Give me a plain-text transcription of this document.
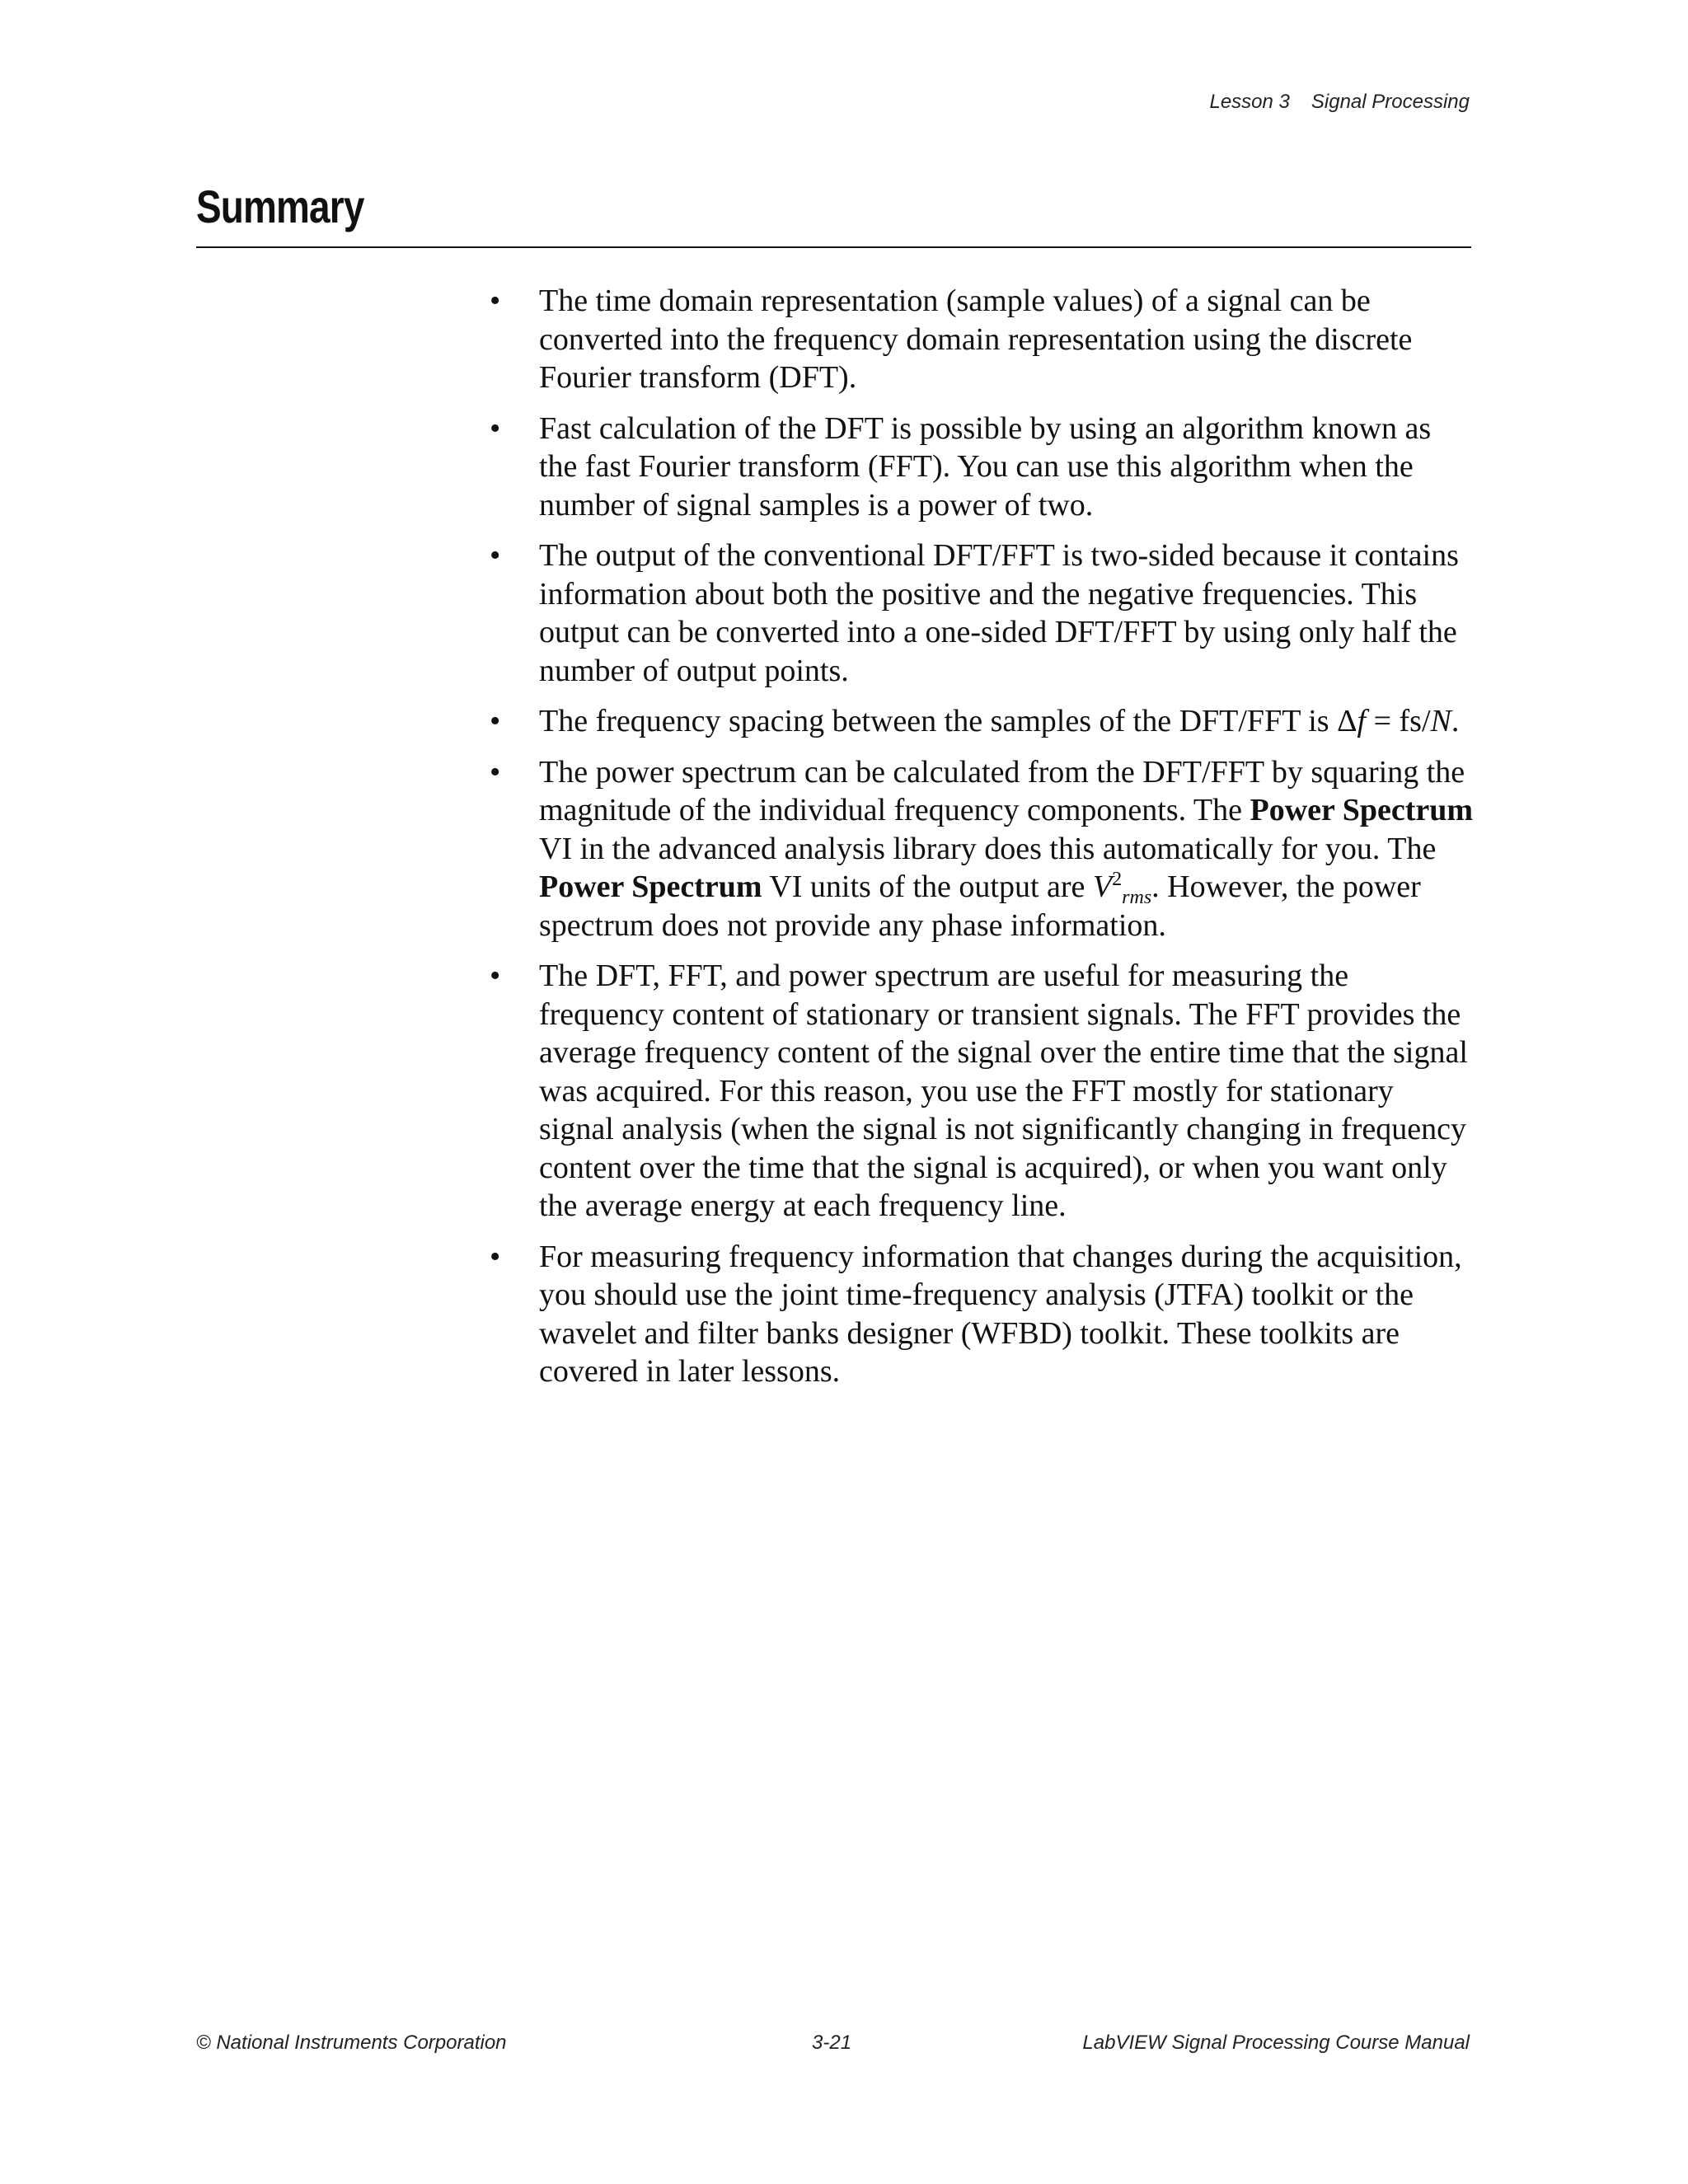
Lesson 3 Signal Processing
Summary
• The time domain representation (sample values) of a signal can be converted into the frequency domain representation using the discrete Fourier transform (DFT).
• Fast calculation of the DFT is possible by using an algorithm known as the fast Fourier transform (FFT). You can use this algorithm when the number of signal samples is a power of two.
• The output of the conventional DFT/FFT is two-sided because it contains information about both the positive and the negative frequencies. This output can be converted into a one-sided DFT/FFT by using only half the number of output points.
• The frequency spacing between the samples of the DFT/FFT is Δf = fs/N.
• The power spectrum can be calculated from the DFT/FFT by squaring the magnitude of the individual frequency components. The Power Spectrum VI in the advanced analysis library does this automatically for you. The Power Spectrum VI units of the output are $V^2_{rms}$. However, the power spectrum does not provide any phase information.
• The DFT, FFT, and power spectrum are useful for measuring the frequency content of stationary or transient signals. The FFT provides the average frequency content of the signal over the entire time that the signal was acquired. For this reason, you use the FFT mostly for stationary signal analysis (when the signal is not significantly changing in frequency content over the time that the signal is acquired), or when you want only the average energy at each frequency line.
• For measuring frequency information that changes during the acquisition, you should use the joint time-frequency analysis (JTFA) toolkit or the wavelet and filter banks designer (WFBD) toolkit. These toolkits are covered in later lessons.
© National Instruments Corporation	3-21	LabVIEW Signal Processing Course Manual
